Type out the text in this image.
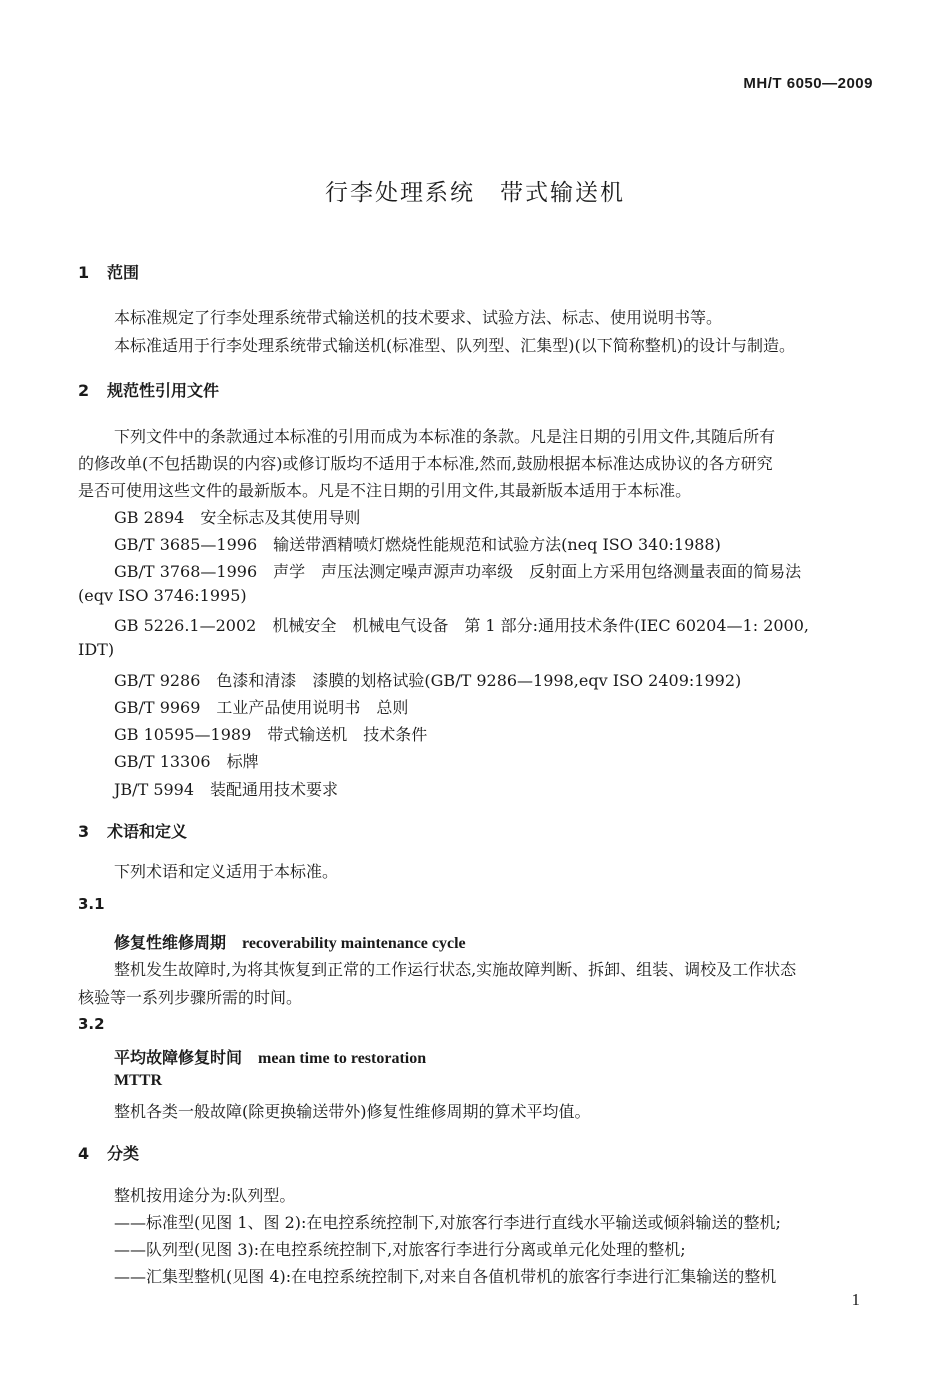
MH/T 6050—2009
行李处理系统　带式输送机
1 范围
本标准规定了行李处理系统带式输送机的技术要求、试验方法、标志、使用说明书等。
本标准适用于行李处理系统带式输送机(标准型、队列型、汇集型)(以下简称整机)的设计与制造。
2 规范性引用文件
下列文件中的条款通过本标准的引用而成为本标准的条款。凡是注日期的引用文件,其随后所有
的修改单(不包括勘误的内容)或修订版均不适用于本标准,然而,鼓励根据本标准达成协议的各方研究
是否可使用这些文件的最新版本。凡是不注日期的引用文件,其最新版本适用于本标准。
GB 2894　安全标志及其使用导则
GB/T 3685—1996　输送带酒精喷灯燃烧性能规范和试验方法(neq ISO 340:1988)
GB/T 3768—1996　声学　声压法测定噪声源声功率级　反射面上方采用包络测量表面的简易法
(eqv ISO 3746:1995)
GB 5226.1—2002　机械安全　机械电气设备　第 1 部分:通用技术条件(IEC 60204—1: 2000,
IDT)
GB/T 9286　色漆和清漆　漆膜的划格试验(GB/T 9286—1998,eqv ISO 2409:1992)
GB/T 9969　工业产品使用说明书　总则
GB 10595—1989　带式输送机　技术条件
GB/T 13306　标牌
JB/T 5994　装配通用技术要求
3 术语和定义
下列术语和定义适用于本标准。
3.1
修复性维修周期 recoverability maintenance cycle
整机发生故障时,为将其恢复到正常的工作运行状态,实施故障判断、拆卸、组装、调校及工作状态
核验等一系列步骤所需的时间。
3.2
平均故障修复时间 mean time to restoration
MTTR
整机各类一般故障(除更换输送带外)修复性维修周期的算术平均值。
4 分类
整机按用途分为:队列型。
——标准型(见图 1、图 2):在电控系统控制下,对旅客行李进行直线水平输送或倾斜输送的整机;
——队列型(见图 3):在电控系统控制下,对旅客行李进行分离或单元化处理的整机;
——汇集型整机(见图 4):在电控系统控制下,对来自各值机带机的旅客行李进行汇集输送的整机
1
